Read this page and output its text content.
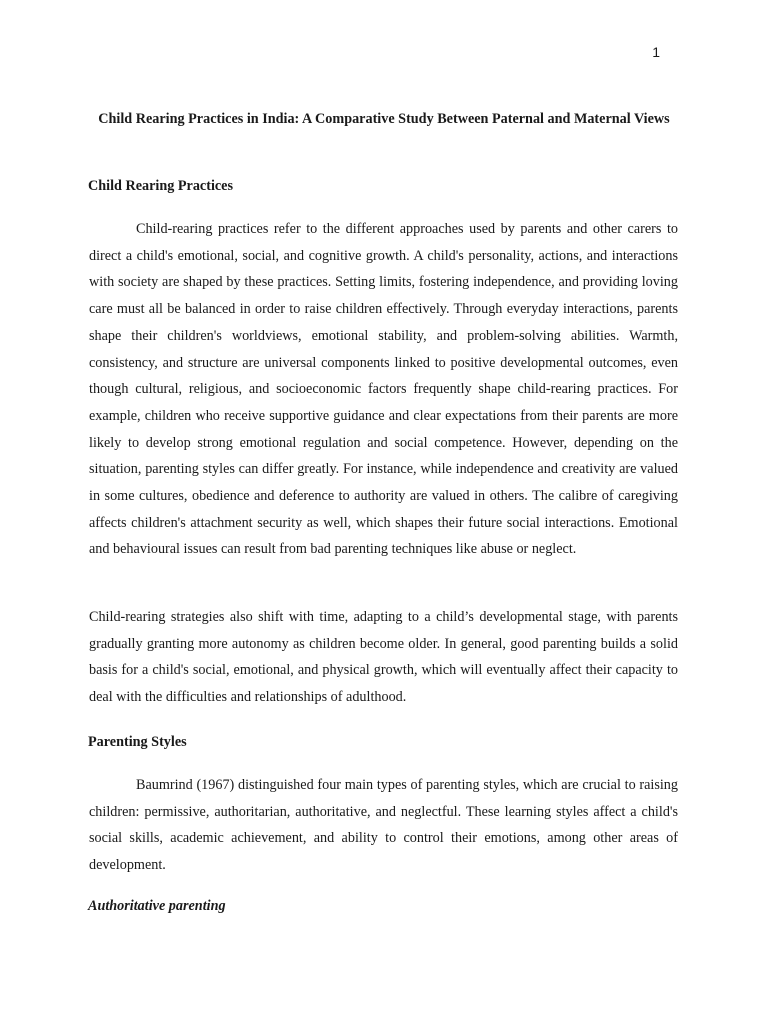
1
Child Rearing Practices in India: A Comparative Study Between Paternal and Maternal Views
Child Rearing Practices

Child-rearing practices refer to the different approaches used by parents and other carers to direct a child's emotional, social, and cognitive growth. A child's personality, actions, and interactions with society are shaped by these practices. Setting limits, fostering independence, and providing loving care must all be balanced in order to raise children effectively. Through everyday interactions, parents shape their children's worldviews, emotional stability, and problem-solving abilities. Warmth, consistency, and structure are universal components linked to positive developmental outcomes, even though cultural, religious, and socioeconomic factors frequently shape child-rearing practices. For example, children who receive supportive guidance and clear expectations from their parents are more likely to develop strong emotional regulation and social competence. However, depending on the situation, parenting styles can differ greatly. For instance, while independence and creativity are valued in some cultures, obedience and deference to authority are valued in others. The calibre of caregiving affects children's attachment security as well, which shapes their future social interactions. Emotional and behavioural issues can result from bad parenting techniques like abuse or neglect.

Child-rearing strategies also shift with time, adapting to a child’s developmental stage, with parents gradually granting more autonomy as children become older. In general, good parenting builds a solid basis for a child's social, emotional, and physical growth, which will eventually affect their capacity to deal with the difficulties and relationships of adulthood.

Parenting Styles

Baumrind (1967) distinguished four main types of parenting styles, which are crucial to raising children: permissive, authoritarian, authoritative, and neglectful. These learning styles affect a child's social skills, academic achievement, and ability to control their emotions, among other areas of development.

Authoritative parenting
